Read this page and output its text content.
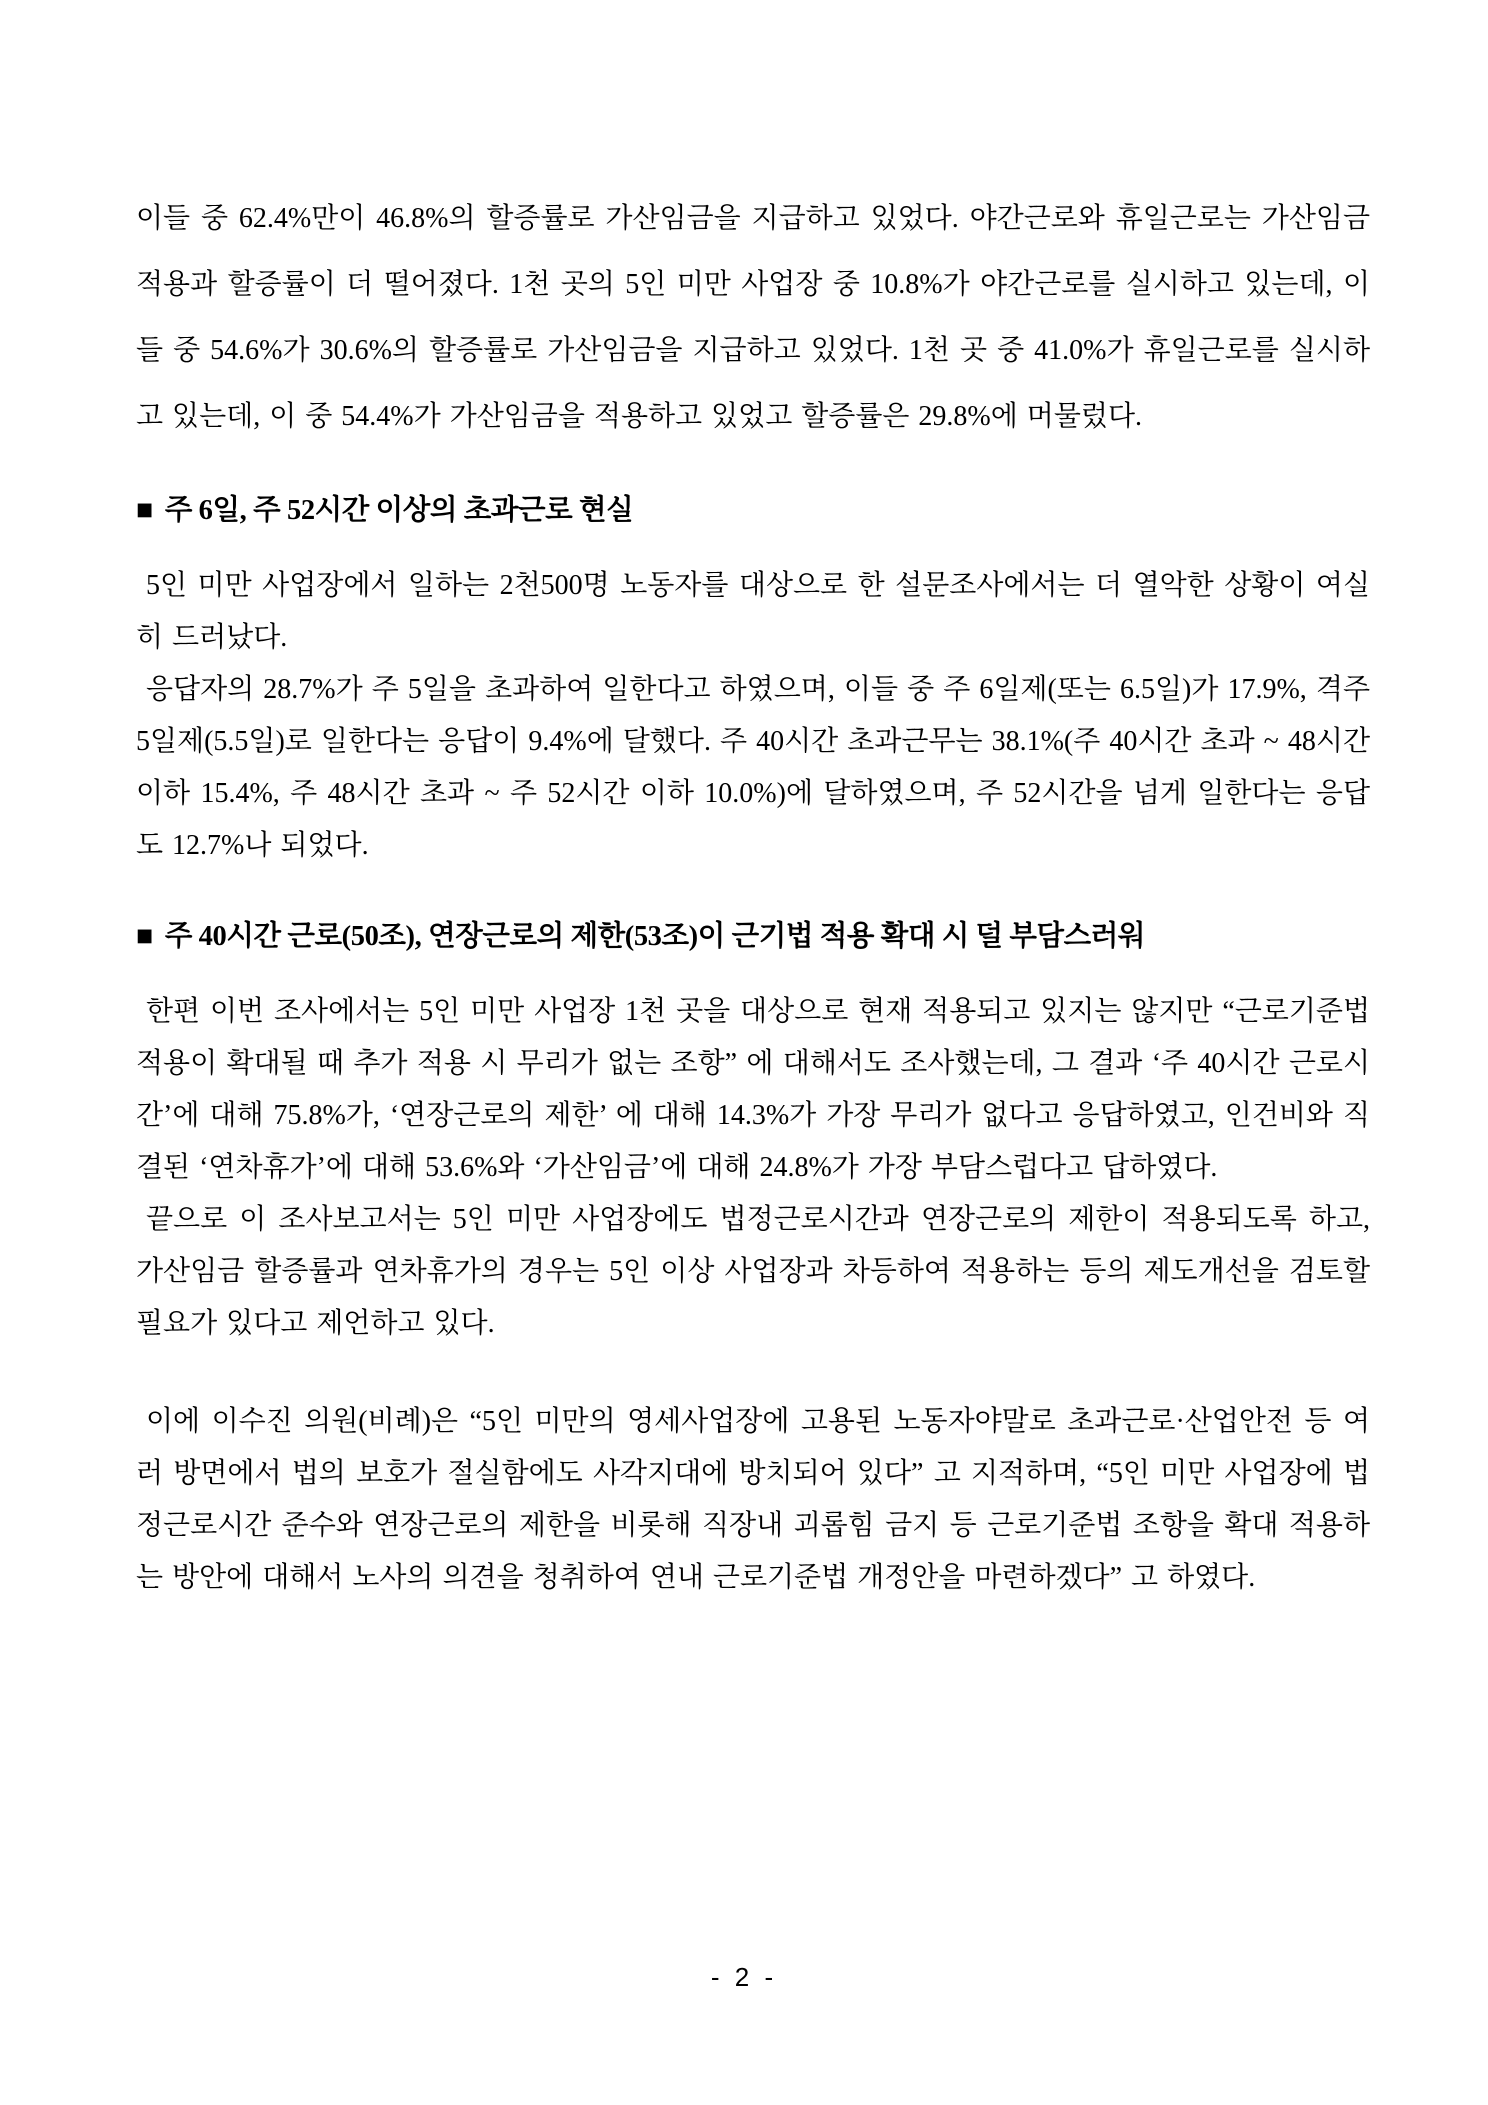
이들 중 62.4%만이 46.8%의 할증률로 가산임금을 지급하고 있었다. 야간근로와 휴일근로는 가산임금 적용과 할증률이 더 떨어졌다. 1천 곳의 5인 미만 사업장 중 10.8%가 야간근로를 실시하고 있는데, 이들 중 54.6%가 30.6%의 할증률로 가산임금을 지급하고 있었다. 1천 곳 중 41.0%가 휴일근로를 실시하고 있는데, 이 중 54.4%가 가산임금을 적용하고 있었고 할증률은 29.8%에 머물렀다.

■ 주 6일, 주 52시간 이상의 초과근로 현실

5인 미만 사업장에서 일하는 2천500명 노동자를 대상으로 한 설문조사에서는 더 열악한 상황이 여실히 드러났다.

응답자의 28.7%가 주 5일을 초과하여 일한다고 하였으며, 이들 중 주 6일제(또는 6.5일)가 17.9%, 격주 5일제(5.5일)로 일한다는 응답이 9.4%에 달했다. 주 40시간 초과근무는 38.1%(주 40시간 초과 ~ 48시간 이하 15.4%, 주 48시간 초과 ~ 주 52시간 이하 10.0%)에 달하였으며, 주 52시간을 넘게 일한다는 응답도 12.7%나 되었다.

■ 주 40시간 근로(50조), 연장근로의 제한(53조)이 근기법 적용 확대 시 덜 부담스러워

한편 이번 조사에서는 5인 미만 사업장 1천 곳을 대상으로 현재 적용되고 있지는 않지만 “근로기준법 적용이 확대될 때 추가 적용 시 무리가 없는 조항” 에 대해서도 조사했는데, 그 결과 ‘주 40시간 근로시간’에 대해 75.8%가, ‘연장근로의 제한’ 에 대해 14.3%가 가장 무리가 없다고 응답하였고, 인건비와 직결된 ‘연차휴가’에 대해 53.6%와 ‘가산임금’에 대해 24.8%가 가장 부담스럽다고 답하였다.

끝으로 이 조사보고서는 5인 미만 사업장에도 법정근로시간과 연장근로의 제한이 적용되도록 하고, 가산임금 할증률과 연차휴가의 경우는 5인 이상 사업장과 차등하여 적용하는 등의 제도개선을 검토할 필요가 있다고 제언하고 있다.

이에 이수진 의원(비례)은 “5인 미만의 영세사업장에 고용된 노동자야말로 초과근로·산업안전 등 여러 방면에서 법의 보호가 절실함에도 사각지대에 방치되어 있다” 고 지적하며, “5인 미만 사업장에 법정근로시간 준수와 연장근로의 제한을 비롯해 직장내 괴롭힘 금지 등 근로기준법 조항을 확대 적용하는 방안에 대해서 노사의 의견을 청취하여 연내 근로기준법 개정안을 마련하겠다” 고 하였다.

- 2 -
